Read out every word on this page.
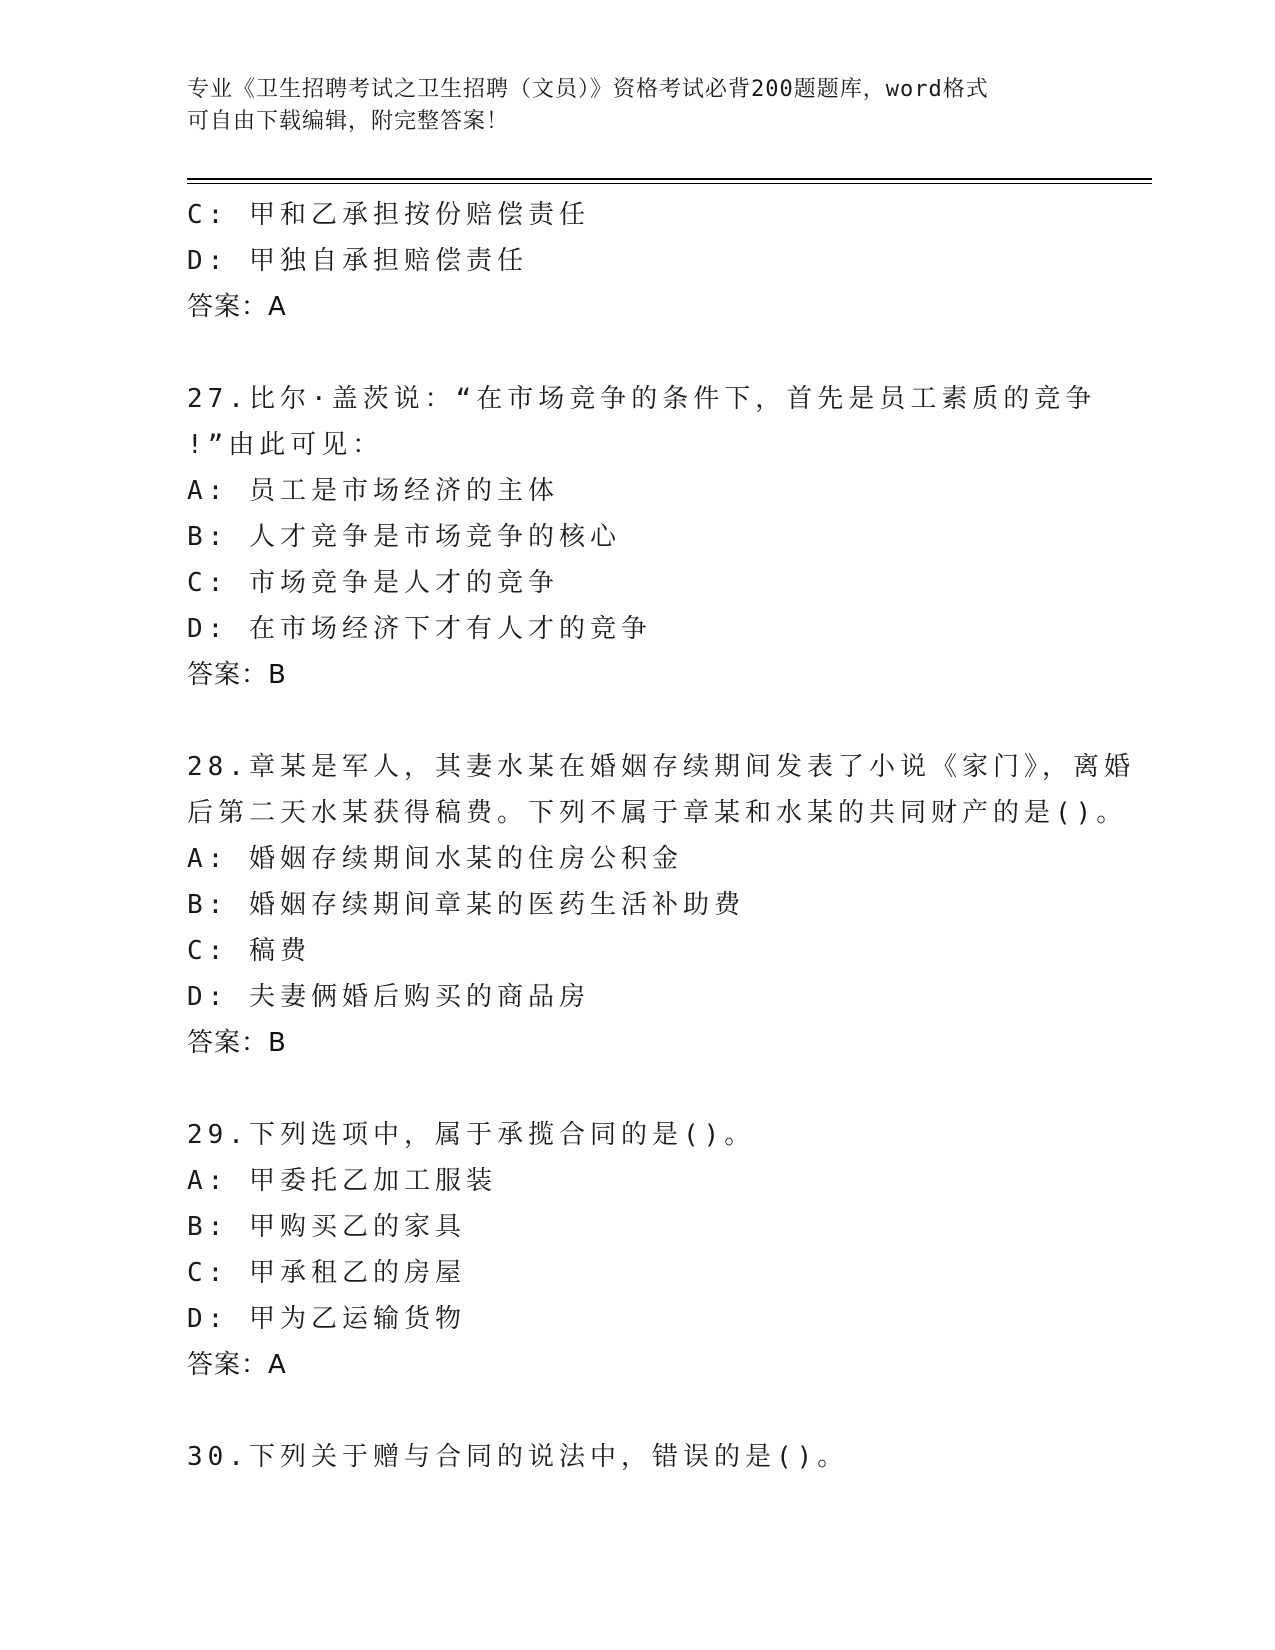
专业《卫生招聘考试之卫生招聘（文员）》资格考试必背200题题库，word格式
可自由下载编辑，附完整答案！
C: 甲和乙承担按份赔偿责任
D: 甲独自承担赔偿责任
答案：A
27.比尔·盖茨说：“在市场竞争的条件下，首先是员工素质的竞争
!”由此可见：
A: 员工是市场经济的主体
B: 人才竞争是市场竞争的核心
C: 市场竞争是人才的竞争
D: 在市场经济下才有人才的竞争
答案：B
28.章某是军人，其妻水某在婚姻存续期间发表了小说《家门》，离婚
后第二天水某获得稿费。下列不属于章某和水某的共同财产的是()。
A: 婚姻存续期间水某的住房公积金
B: 婚姻存续期间章某的医药生活补助费
C: 稿费
D: 夫妻俩婚后购买的商品房
答案：B
29.下列选项中，属于承揽合同的是()。
A: 甲委托乙加工服装
B: 甲购买乙的家具
C: 甲承租乙的房屋
D: 甲为乙运输货物
答案：A
30.下列关于赠与合同的说法中，错误的是()。
